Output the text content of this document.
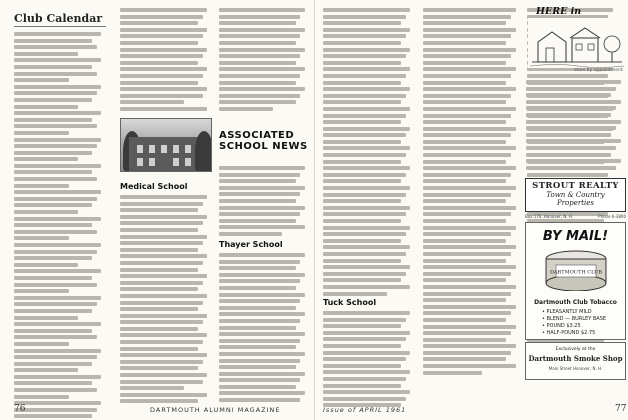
Club Calendar
ASSOCIATED SCHOOL NEWS
Medical School
Thayer School
76	DARTMOUTH ALUMNI MAGAZINE
Tuck School
Issue of APRIL 1961	77
HERE in
store by appointment
STROUT REALTY
Town & Country
Properties
Box 176, Hanover, N. H.	Phone 6-3800
BY MAIL!
DARTMOUTH CLUB
Dartmouth Club Tobacco
• PLEASANTLY MILD
• BLEND — BURLEY BASE
• POUND $3.25
• HALF-POUND $2.75
Exclusively at the
Dartmouth Smoke Shop
Main Street Hanover, N. H.
